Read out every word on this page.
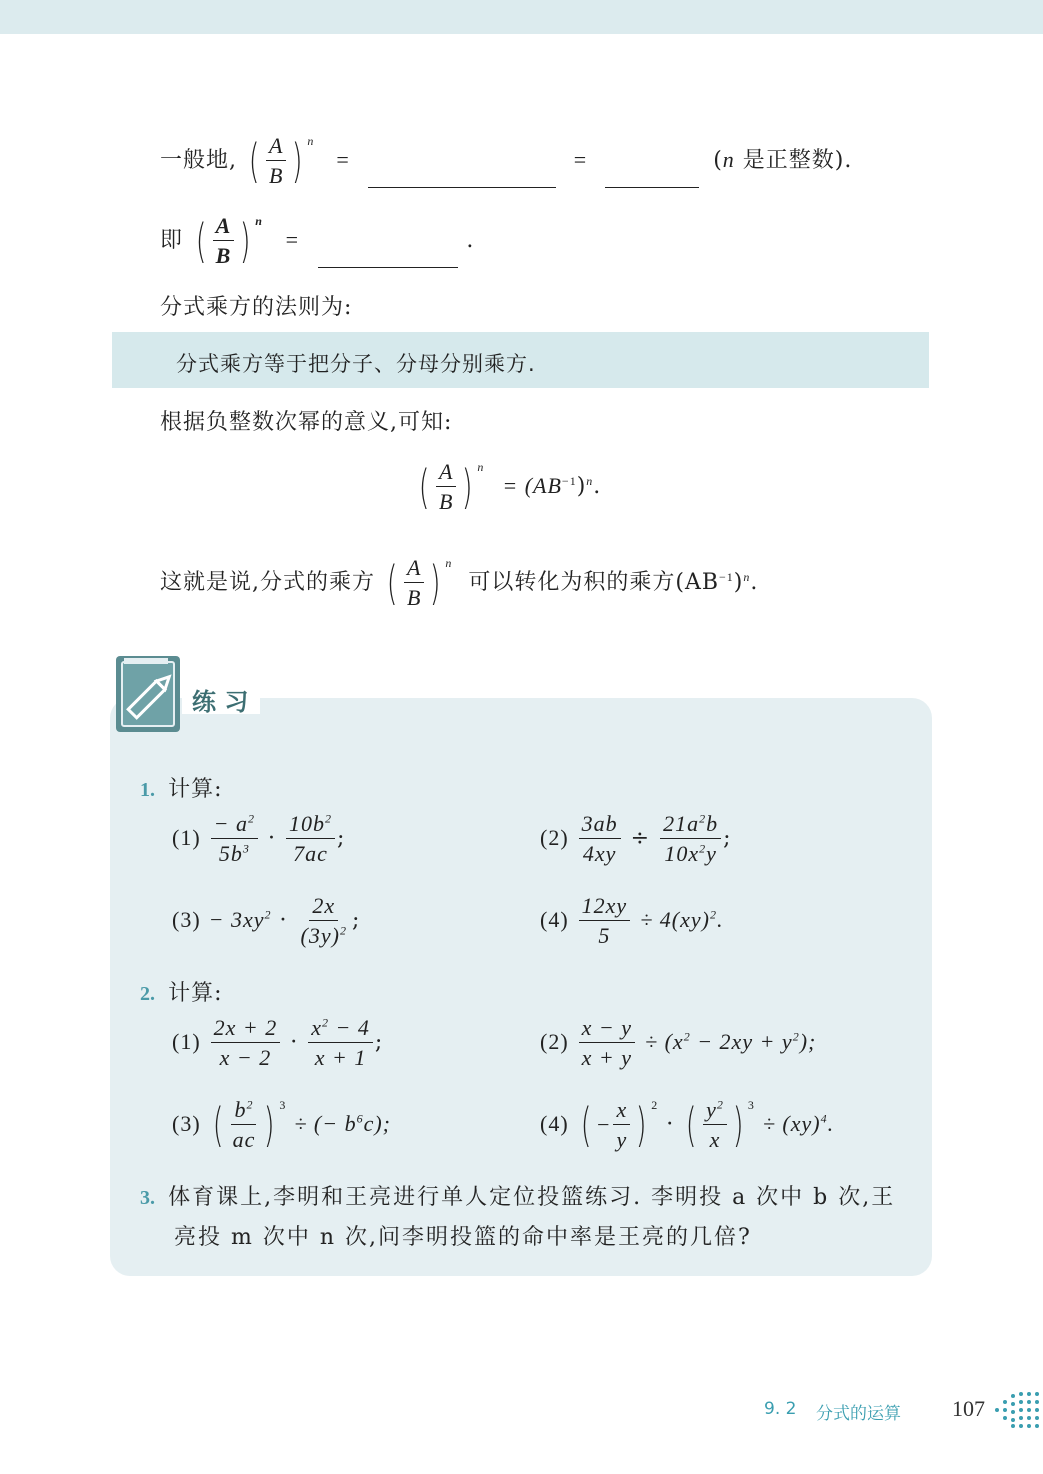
一般地, ( $\frac{A}{B}$ ) $^n$ =	=	(n 是正整数).
即 ( $\frac{A}{B}$ ) $^n$ =	.
分式乘方的法则为:
分式乘方等于把分子、分母分别乘方.
根据负整数次幂的意义,可知:
( $\frac{A}{B}$ ) $^n = (AB^{-1})^n$.
这就是说,分式的乘方 ( $\frac{A}{B}$ ) $^n$ 可以转化为积的乘方$(AB^{-1})^n$.
练 习
1. 计算:
$(1) \frac{- a^2}{5b^3} \cdot \frac{10b^2}{7ac}$ ;	$(2) \frac{3ab}{4xy} \div \frac{21a^2b}{10x^2y}$ ;
$(3) - 3xy^2 \cdot \frac{2x}{(3y)^2}$ ;	$(4) \frac{12xy}{5} \div 4(xy)^2$.
2. 计算:
$(1) \frac{2x + 2}{x - 2} \cdot \frac{x^2 - 4}{x + 1}$ ;	$(2) \frac{x - y}{x + y} \div (x^2 - 2xy + y^2)$;
(3) ( $\frac{b^2}{ac}$ ) $^3$ ÷ (− $b^6c$);	(4) ( − $\frac{x}{y}$ ) $^2$ · ( $\frac{y^2}{x}$ ) $^3$ ÷ (xy)$^4$.
3. 体育课上,李明和王亮进行单人定位投篮练习. 李明投 a 次中 b 次,王
亮投 m 次中 n 次,问李明投篮的命中率是王亮的几倍?
9. 2 分式的运算 107
